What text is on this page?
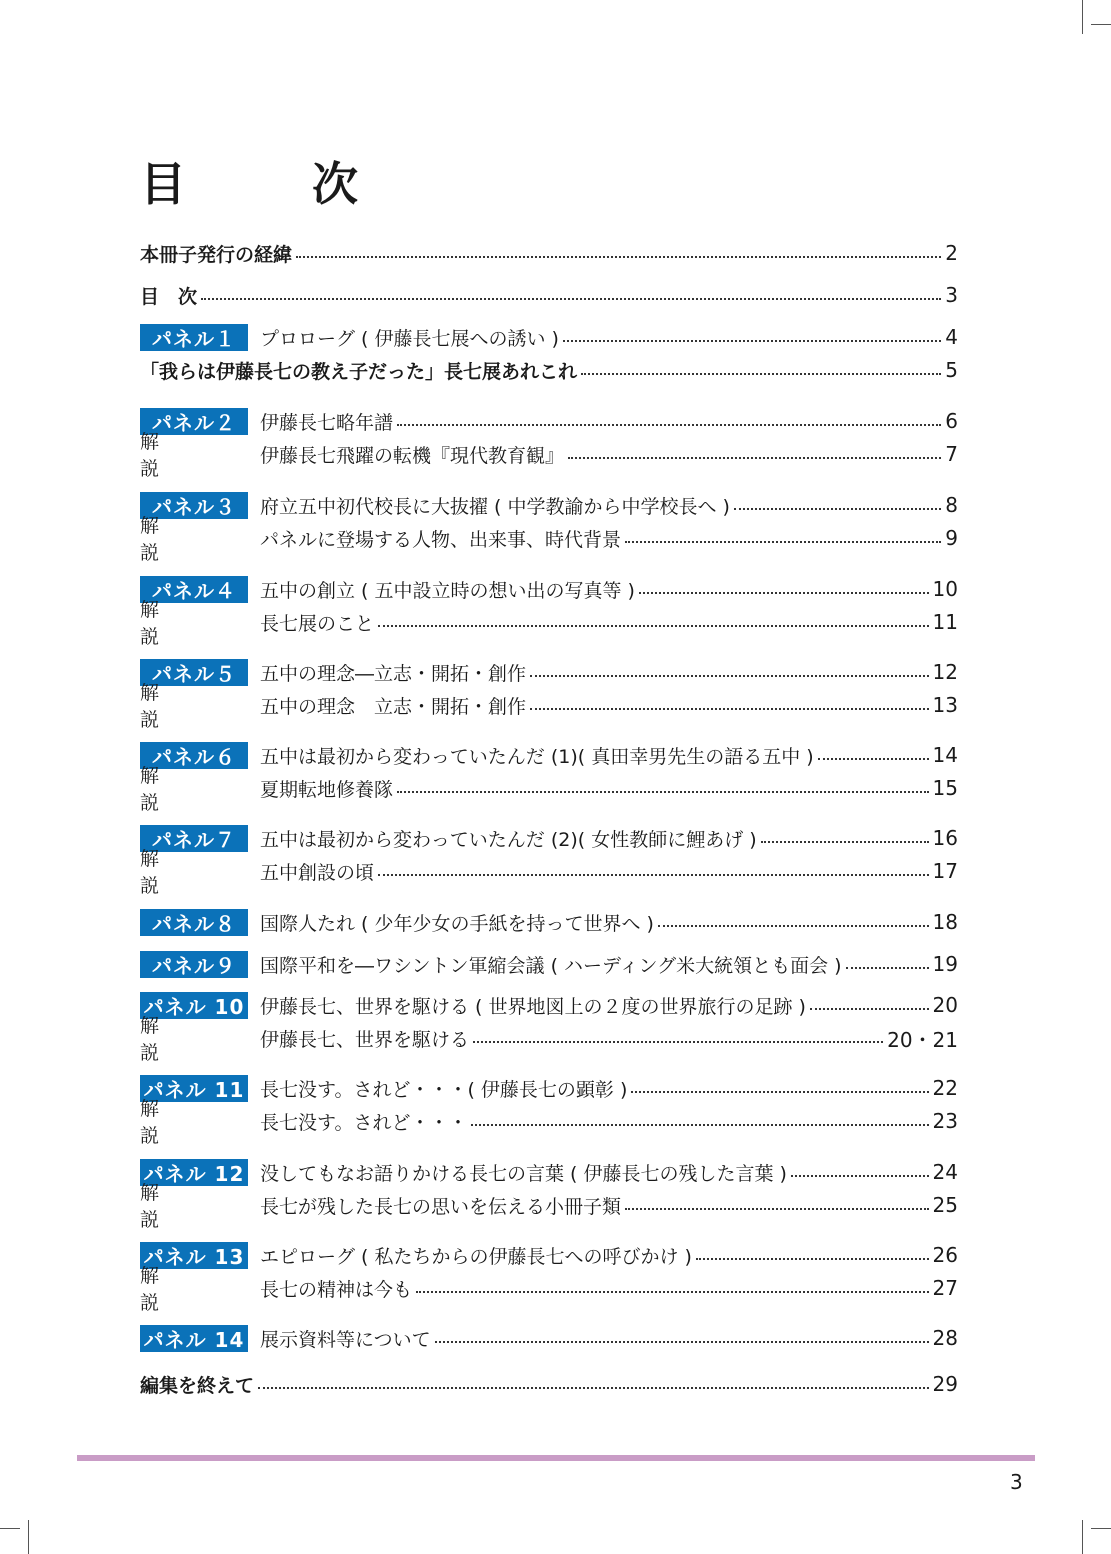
目　次
本冊子発行の経緯	2
目　次	3
パネル１	プロローグ ( 伊藤長七展への誘い )	4
「我らは伊藤長七の教え子だった」長七展あれこれ	5
パネル２	伊藤長七略年譜	6
解　説
伊藤長七飛躍の転機『現代教育観』	7
パネル３	府立五中初代校長に大抜擢 ( 中学教諭から中学校長へ )	8
解　説
パネルに登場する人物、出来事、時代背景	9
パネル４	五中の創立 ( 五中設立時の想い出の写真等 )	10
解　説
長七展のこと	11
パネル５	五中の理念―立志・開拓・創作	12
解　説
五中の理念　立志・開拓・創作	13
パネル６	五中は最初から変わっていたんだ (1)( 真田幸男先生の語る五中 )	14
解　説
夏期転地修養隊	15
パネル７	五中は最初から変わっていたんだ (2)( 女性教師に鯉あげ )	16
解　説
五中創設の頃	17
パネル８	国際人たれ ( 少年少女の手紙を持って世界へ )	18
パネル９	国際平和を―ワシントン軍縮会議 ( ハーディング米大統領とも面会 )	19
パネル 10 伊藤長七、世界を駆ける ( 世界地図上の２度の世界旅行の足跡 )	20
解　説
伊藤長七、世界を駆ける	20・21
パネル 11 長七没す。されど・・・( 伊藤長七の顕彰 )	22
解　説
長七没す。されど・・・	23
パネル 12 没してもなお語りかける長七の言葉 ( 伊藤長七の残した言葉 )	24
解　説
長七が残した長七の思いを伝える小冊子類	25
パネル 13 エピローグ ( 私たちからの伊藤長七への呼びかけ )	26
解　説
長七の精神は今も	27
パネル 14 展示資料等について	28
編集を終えて	29
3
